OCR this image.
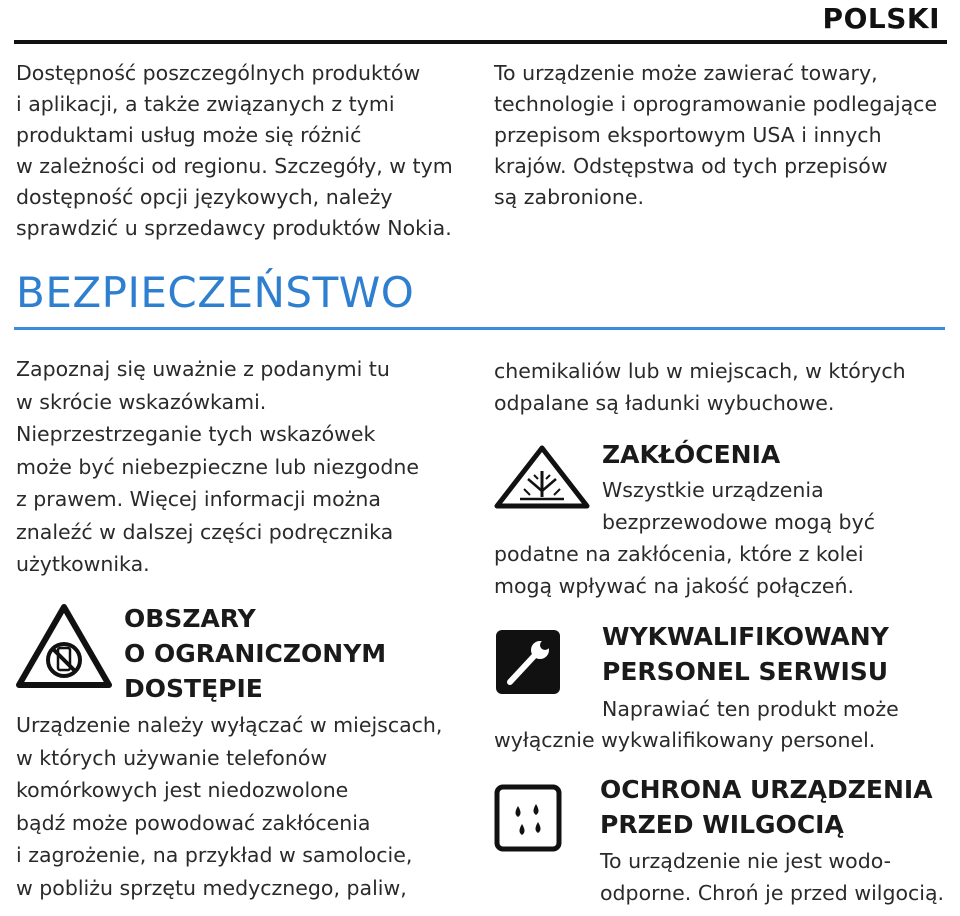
POLSKI
Dostępność poszczególnych produktów
i aplikacji, a także związanych z tymi
produktami usług może się różnić
w zależności od regionu. Szczegóły, w tym
dostępność opcji językowych, należy
sprawdzić u sprzedawcy produktów Nokia.
To urządzenie może zawierać towary,
technologie i oprogramowanie podlegające
przepisom eksportowym USA i innych
krajów. Odstępstwa od tych przepisów
są zabronione.
BEZPIECZEŃSTWO
Zapoznaj się uważnie z podanymi tu
w skrócie wskazówkami.
Nieprzestrzeganie tych wskazówek
może być niebezpieczne lub niezgodne
z prawem. Więcej informacji można
znaleźć w dalszej części podręcznika
użytkownika.
OBSZARY
O OGRANICZONYM
DOSTĘPIE
Urządzenie należy wyłączać w miejscach,
w których używanie telefonów
komórkowych jest niedozwolone
bądź może powodować zakłócenia
i zagrożenie, na przykład w samolocie,
w pobliżu sprzętu medycznego, paliw,
chemikaliów lub w miejscach, w których
odpalane są ładunki wybuchowe.
ZAKŁÓCENIA
Wszystkie urządzenia
bezprzewodowe mogą być
podatne na zakłócenia, które z kolei
mogą wpływać na jakość połączeń.
WYKWALIFIKOWANY
PERSONEL SERWISU
Naprawiać ten produkt może
wyłącznie wykwalifikowany personel.
OCHRONA URZĄDZENIA
PRZED WILGOCIĄ
To urządzenie nie jest wodo-
odporne. Chroń je przed wilgocią.
